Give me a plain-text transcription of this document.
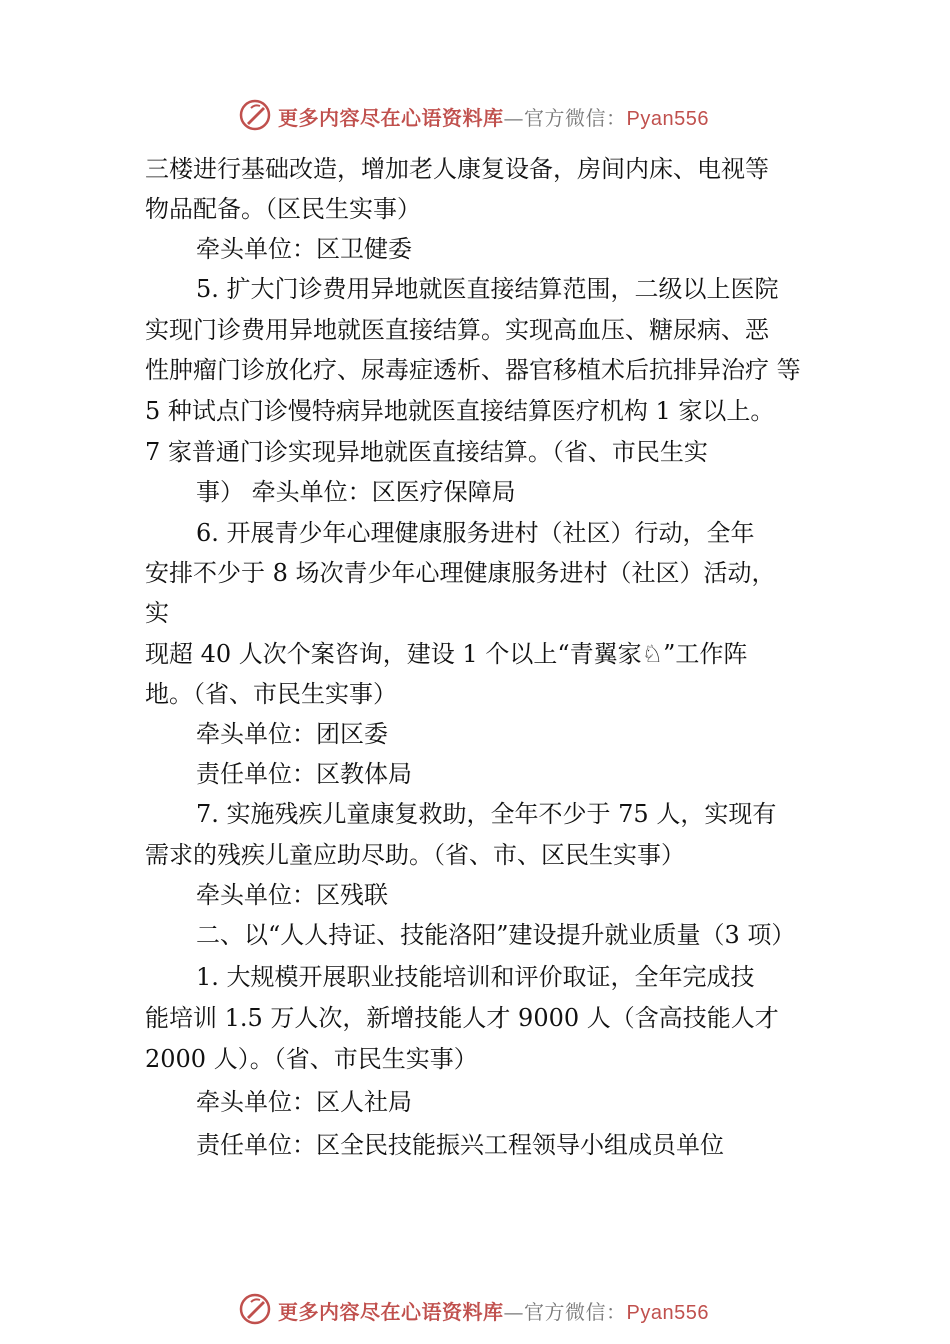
更多内容尽在心语资料库—官方微信：Pyan556
三楼进行基础改造，增加老人康复设备，房间内床、电视等
物品配备。（区民生实事）
牵头单位：区卫健委
5. 扩大门诊费用异地就医直接结算范围，二级以上医院
实现门诊费用异地就医直接结算。实现高血压、糖尿病、恶
性肿瘤门诊放化疗、尿毒症透析、器官移植术后抗排异治疗 等
5 种试点门诊慢特病异地就医直接结算医疗机构 1 家以上。
7 家普通门诊实现异地就医直接结算。（省、市民生实
事） 牵头单位：区医疗保障局
6. 开展青少年心理健康服务进村（社区）行动，全年
安排不少于 8 场次青少年心理健康服务进村（社区）活动，
实
现超 40 人次个案咨询，建设 1 个以上“青翼家♘”工作阵
地。（省、市民生实事）
牵头单位：团区委
责任单位：区教体局
7. 实施残疾儿童康复救助，全年不少于 75 人，实现有
需求的残疾儿童应助尽助。（省、市、区民生实事）
牵头单位：区残联
二、以“人人持证、技能洛阳”建设提升就业质量（3 项）
1. 大规模开展职业技能培训和评价取证，全年完成技
能培训 1.5 万人次，新增技能人才 9000 人（含高技能人才
2000 人）。（省、市民生实事）
牵头单位：区人社局
责任单位：区全民技能振兴工程领导小组成员单位
更多内容尽在心语资料库—官方微信：Pyan556
